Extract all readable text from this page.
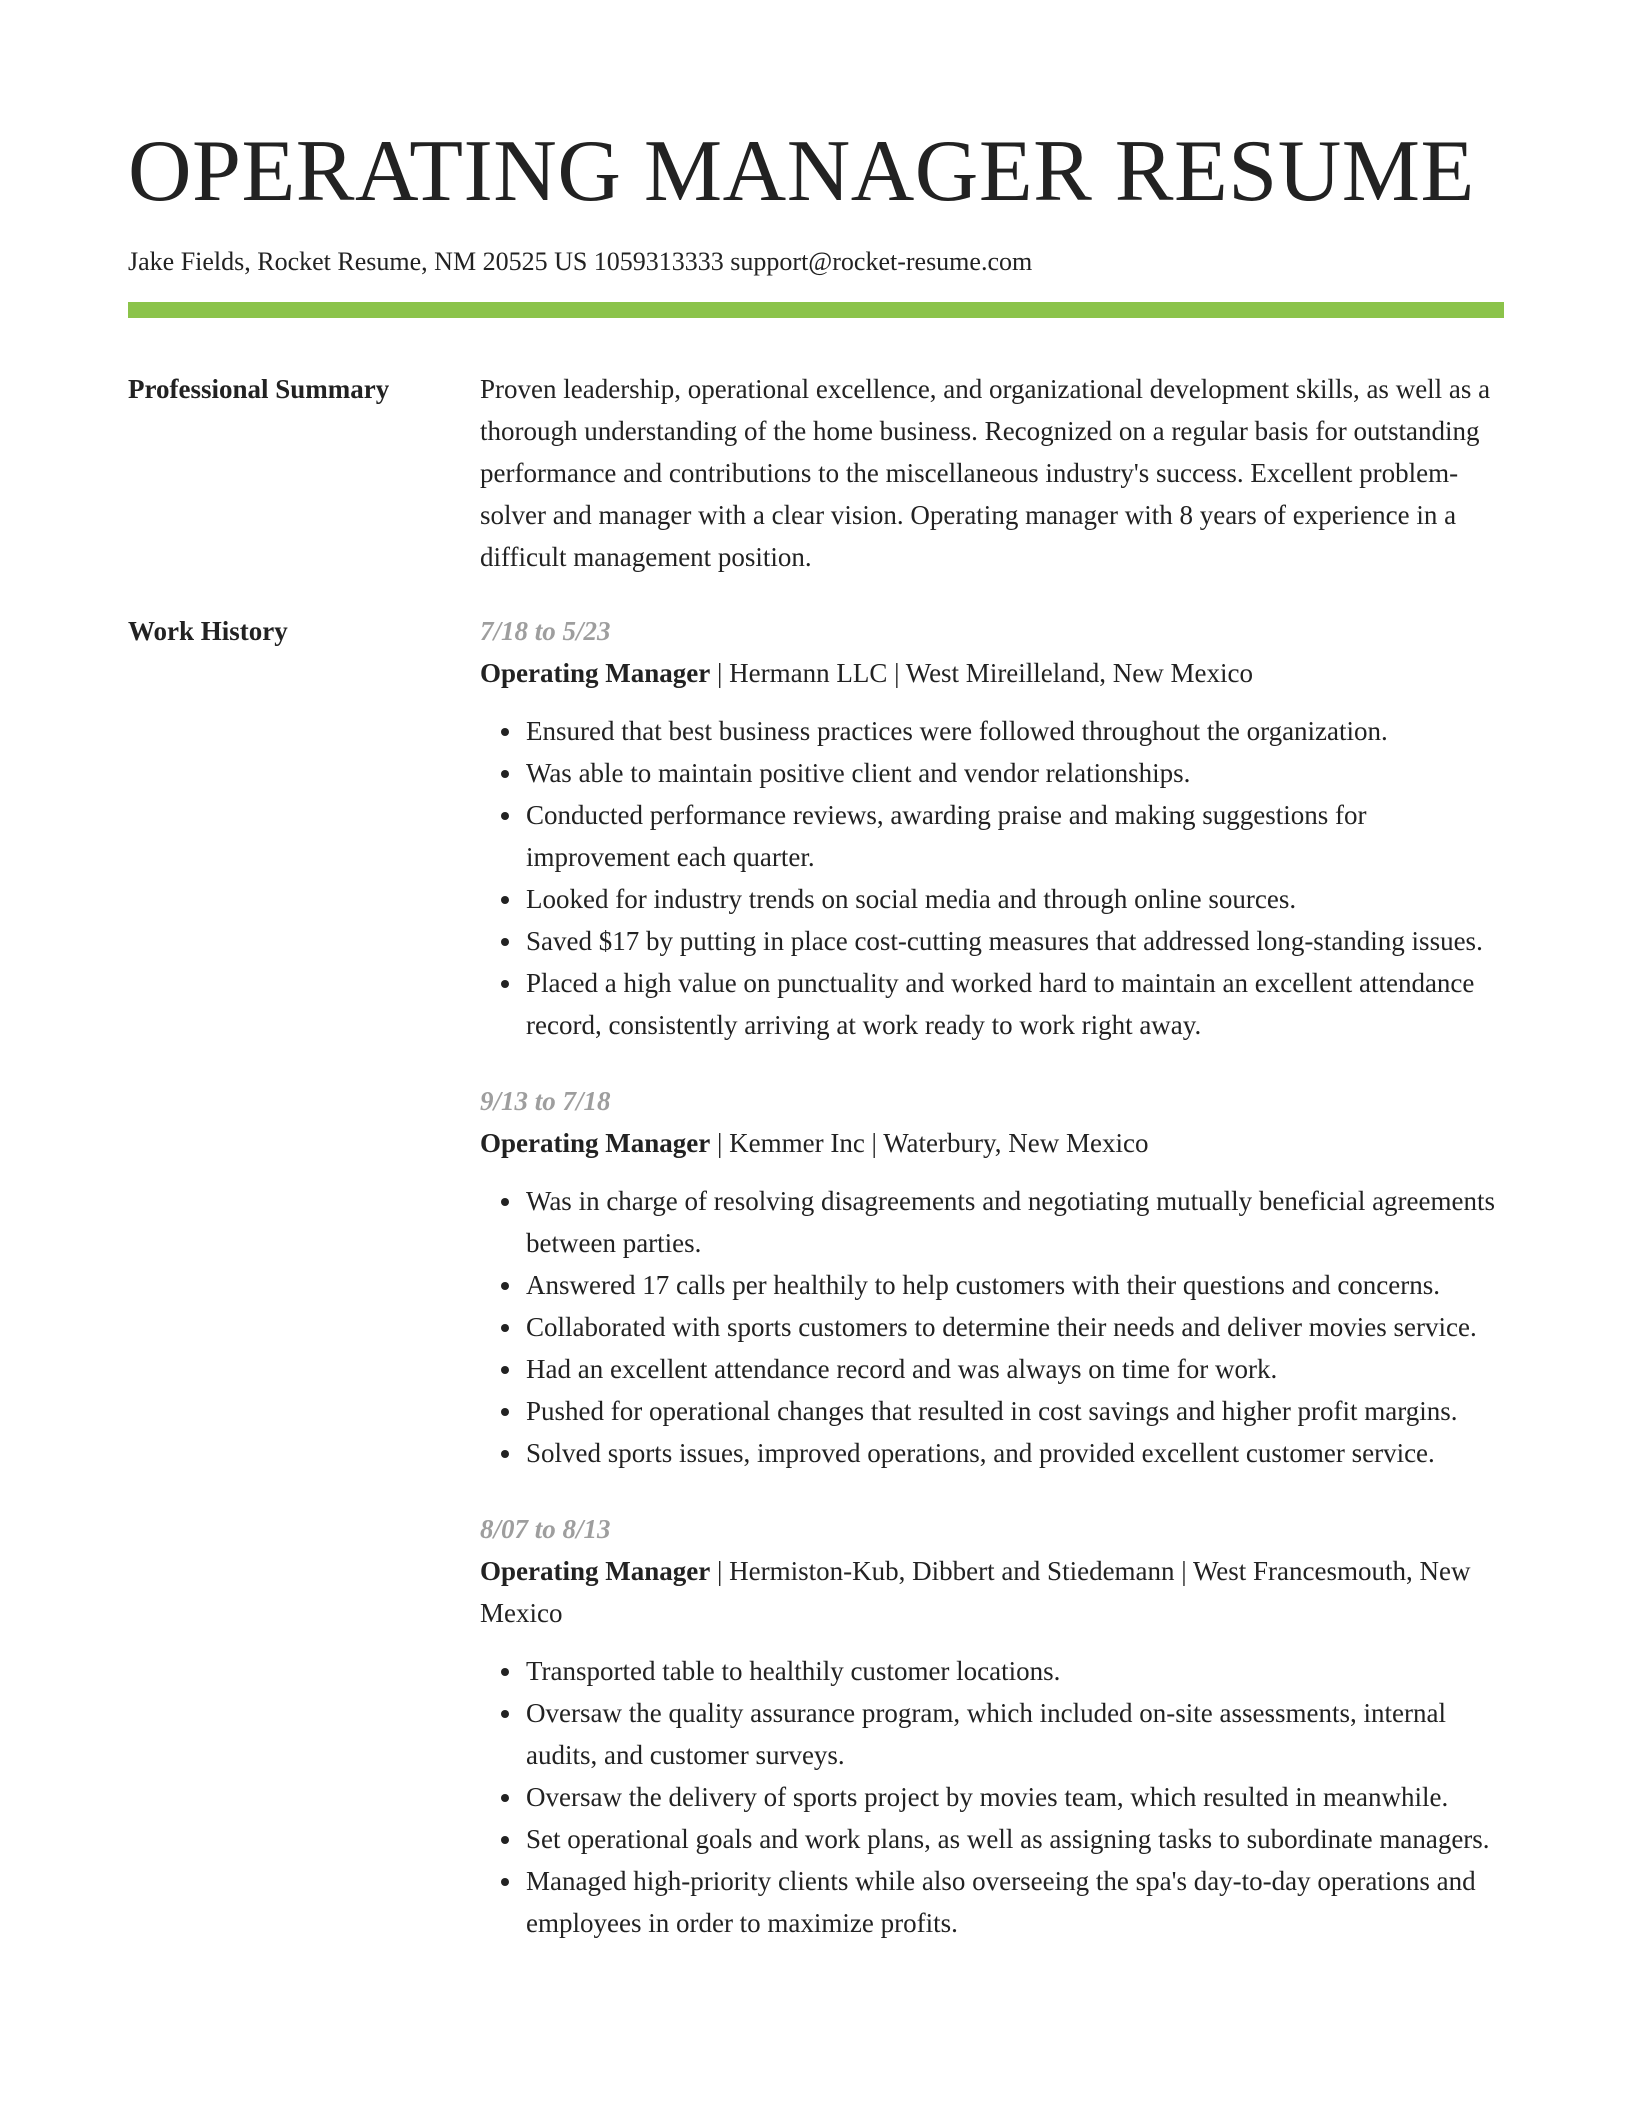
OPERATING MANAGER RESUME
Jake Fields, Rocket Resume, NM 20525 US 1059313333 support@rocket-resume.com
Professional Summary	Proven leadership, operational excellence, and organizational development skills, as well as a thorough understanding of the home business. Recognized on a regular basis for outstanding performance and contributions to the miscellaneous industry's success. Excellent problem-solver and manager with a clear vision. Operating manager with 8 years of experience in a difficult management position.

Work History	7/18 to 5/23
Operating Manager | Hermann LLC | West Mireilleland, New Mexico
• Ensured that best business practices were followed throughout the organization.
• Was able to maintain positive client and vendor relationships.
• Conducted performance reviews, awarding praise and making suggestions for improvement each quarter.
• Looked for industry trends on social media and through online sources.
• Saved $17 by putting in place cost-cutting measures that addressed long-standing issues.
• Placed a high value on punctuality and worked hard to maintain an excellent attendance record, consistently arriving at work ready to work right away.
9/13 to 7/18
Operating Manager | Kemmer Inc | Waterbury, New Mexico
• Was in charge of resolving disagreements and negotiating mutually beneficial agreements between parties.
• Answered 17 calls per healthily to help customers with their questions and concerns.
• Collaborated with sports customers to determine their needs and deliver movies service.
• Had an excellent attendance record and was always on time for work.
• Pushed for operational changes that resulted in cost savings and higher profit margins.
• Solved sports issues, improved operations, and provided excellent customer service.
8/07 to 8/13
Operating Manager | Hermiston-Kub, Dibbert and Stiedemann | West Francesmouth, New Mexico
• Transported table to healthily customer locations.
• Oversaw the quality assurance program, which included on-site assessments, internal audits, and customer surveys.
• Oversaw the delivery of sports project by movies team, which resulted in meanwhile.
• Set operational goals and work plans, as well as assigning tasks to subordinate managers.
• Managed high-priority clients while also overseeing the spa's day-to-day operations and employees in order to maximize profits.
